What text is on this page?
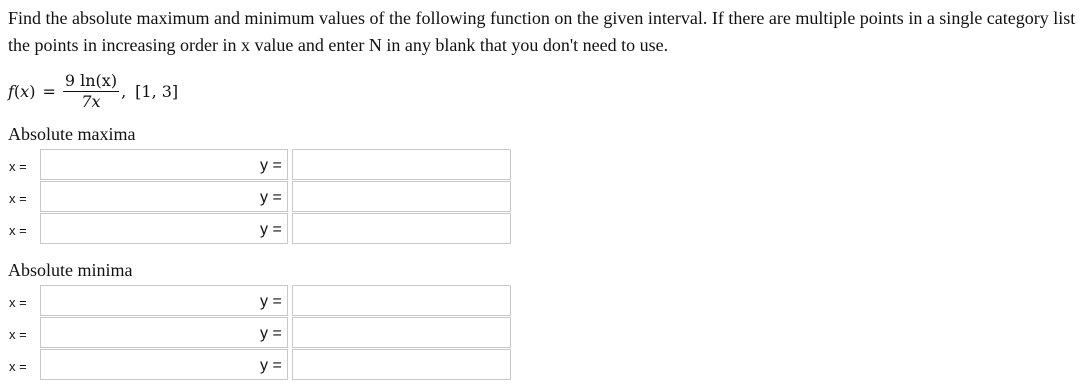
Find the absolute maximum and minimum values of the following function on the given interval. If there are multiple points in a single category list the points in increasing order in x value and enter N in any blank that you don't need to use.
$f(x) = \frac{9 \ln(x)}{7x}$ , [1, 3]
Absolute maxima
x =	y =
x =	y =
x =	y =
Absolute minima
x =	y =
x =	y =
x =	y =
